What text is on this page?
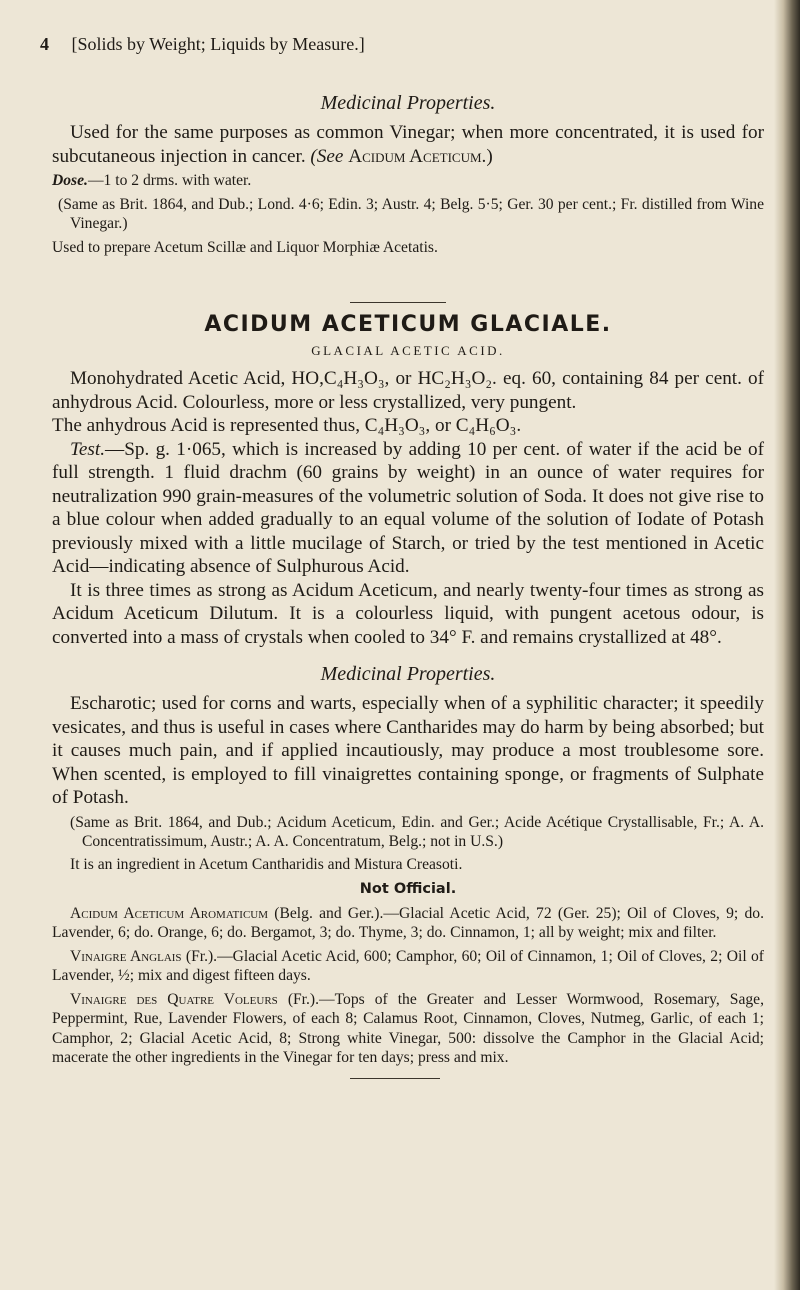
4 [Solids by Weight; Liquids by Measure.]

Medicinal Properties.

Used for the same purposes as common Vinegar; when more concentrated, it is used for subcutaneous injection in cancer. (See Acidum Aceticum.)

Dose.—1 to 2 drms. with water.

(Same as Brit. 1864, and Dub.; Lond. 4·6; Edin. 3; Austr. 4; Belg. 5·5; Ger. 30 per cent.; Fr. distilled from Wine Vinegar.)

Used to prepare Acetum Scillæ and Liquor Morphiæ Acetatis.

ACIDUM ACETICUM GLACIALE.

GLACIAL ACETIC ACID.

Monohydrated Acetic Acid, HO,C₄H₃O₃, or HC₂H₃O₂. eq. 60, containing 84 per cent. of anhydrous Acid. Colourless, more or less crystallized, very pungent.

The anhydrous Acid is represented thus, C₄H₃O₃, or C₄H₆O₃.

Test.—Sp. g. 1·065, which is increased by adding 10 per cent. of water if the acid be of full strength. 1 fluid drachm (60 grains by weight) in an ounce of water requires for neutralization 990 grain-measures of the volumetric solution of Soda. It does not give rise to a blue colour when added gradually to an equal volume of the solution of Iodate of Potash previously mixed with a little mucilage of Starch, or tried by the test mentioned in Acetic Acid—indicating absence of Sulphurous Acid.

It is three times as strong as Acidum Aceticum, and nearly twenty-four times as strong as Acidum Aceticum Dilutum. It is a colourless liquid, with pungent acetous odour, is converted into a mass of crystals when cooled to 34° F. and remains crystallized at 48°.

Medicinal Properties.

Escharotic; used for corns and warts, especially when of a syphilitic character; it speedily vesicates, and thus is useful in cases where Cantharides may do harm by being absorbed; but it causes much pain, and if applied incautiously, may produce a most troublesome sore. When scented, is employed to fill vinaigrettes containing sponge, or fragments of Sulphate of Potash.

(Same as Brit. 1864, and Dub.; Acidum Aceticum, Edin. and Ger.; Acide Acétique Crystallisable, Fr.; A. A. Concentratissimum, Austr.; A. A. Concentratum, Belg.; not in U.S.)

It is an ingredient in Acetum Cantharidis and Mistura Creasoti.

Not Official.

Acidum Aceticum Aromaticum (Belg. and Ger.).—Glacial Acetic Acid, 72 (Ger. 25); Oil of Cloves, 9; do. Lavender, 6; do. Orange, 6; do. Bergamot, 3; do. Thyme, 3; do. Cinnamon, 1; all by weight; mix and filter.

Vinaigre Anglais (Fr.).—Glacial Acetic Acid, 600; Camphor, 60; Oil of Cinnamon, 1; Oil of Cloves, 2; Oil of Lavender, ½; mix and digest fifteen days.

Vinaigre des Quatre Voleurs (Fr.).—Tops of the Greater and Lesser Wormwood, Rosemary, Sage, Peppermint, Rue, Lavender Flowers, of each 8; Calamus Root, Cinnamon, Cloves, Nutmeg, Garlic, of each 1; Camphor, 2; Glacial Acetic Acid, 8; Strong white Vinegar, 500: dissolve the Camphor in the Glacial Acid; macerate the other ingredients in the Vinegar for ten days; press and mix.
